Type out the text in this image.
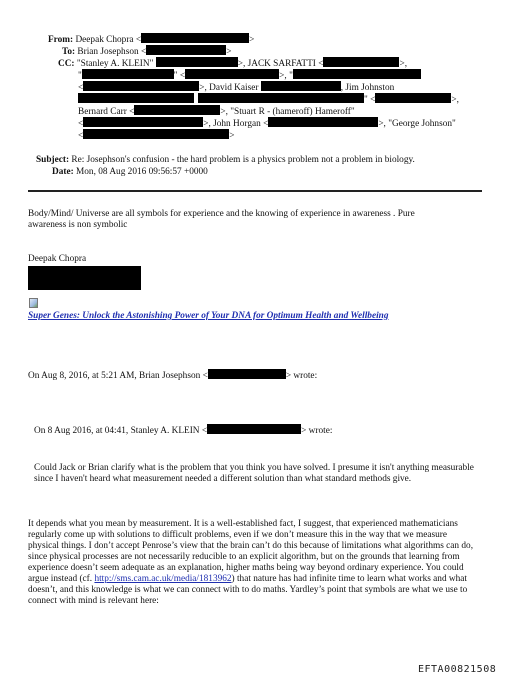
From: Deepak Chopra <	>
To: Brian Josephson <	>
CC: "Stanley A. KLEIN"	>, JACK SARFATTI <	>,
"	" <	>, "
<	>, David Kaiser	, Jim Johnston
" <	>,
Bernard Carr <	>, "Stuart R - (hameroff) Hameroff"
<	>, John Horgan <	>, "George Johnson"
<	>
Subject: Re: Josephson's confusion - the hard problem is a physics problem not a problem in biology.
Date: Mon, 08 Aug 2016 09:56:57 +0000

Body/Mind/ Universe are all symbols for experience and the knowing of experience in awareness . Pure awareness is non symbolic

Deepak Chopra
Super Genes: Unlock the Astonishing Power of Your DNA for Optimum Health and Wellbeing
On Aug 8, 2016, at 5:21 AM, Brian Josephson <	> wrote:
On 8 Aug 2016, at 04:41, Stanley A. KLEIN <	> wrote:

Could Jack or Brian clarify what is the problem that you think you have solved. I presume it isn't anything measurable since I haven't heard what measurement needed a different solution than what standard methods give.

It depends what you mean by measurement. It is a well-established fact, I suggest, that experienced mathematicians regularly come up with solutions to difficult problems, even if we don’t measure this in the way that we measure physical things. I don’t accept Penrose’s view that the brain can’t do this because of limitations what algorithms can do, since physical processes are not necessarily reducible to an explicit algorithm, but on the grounds that learning from experience doesn’t seem adequate as an explanation, higher maths being way beyond ordinary experience. You could argue instead (cf. http://sms.cam.ac.uk/media/1813962) that nature has had infinite time to learn what works and what doesn’t, and this knowledge is what we can connect with to do maths. Yardley’s point that symbols are what we use to connect with mind is relevant here:

EFTA00821508
